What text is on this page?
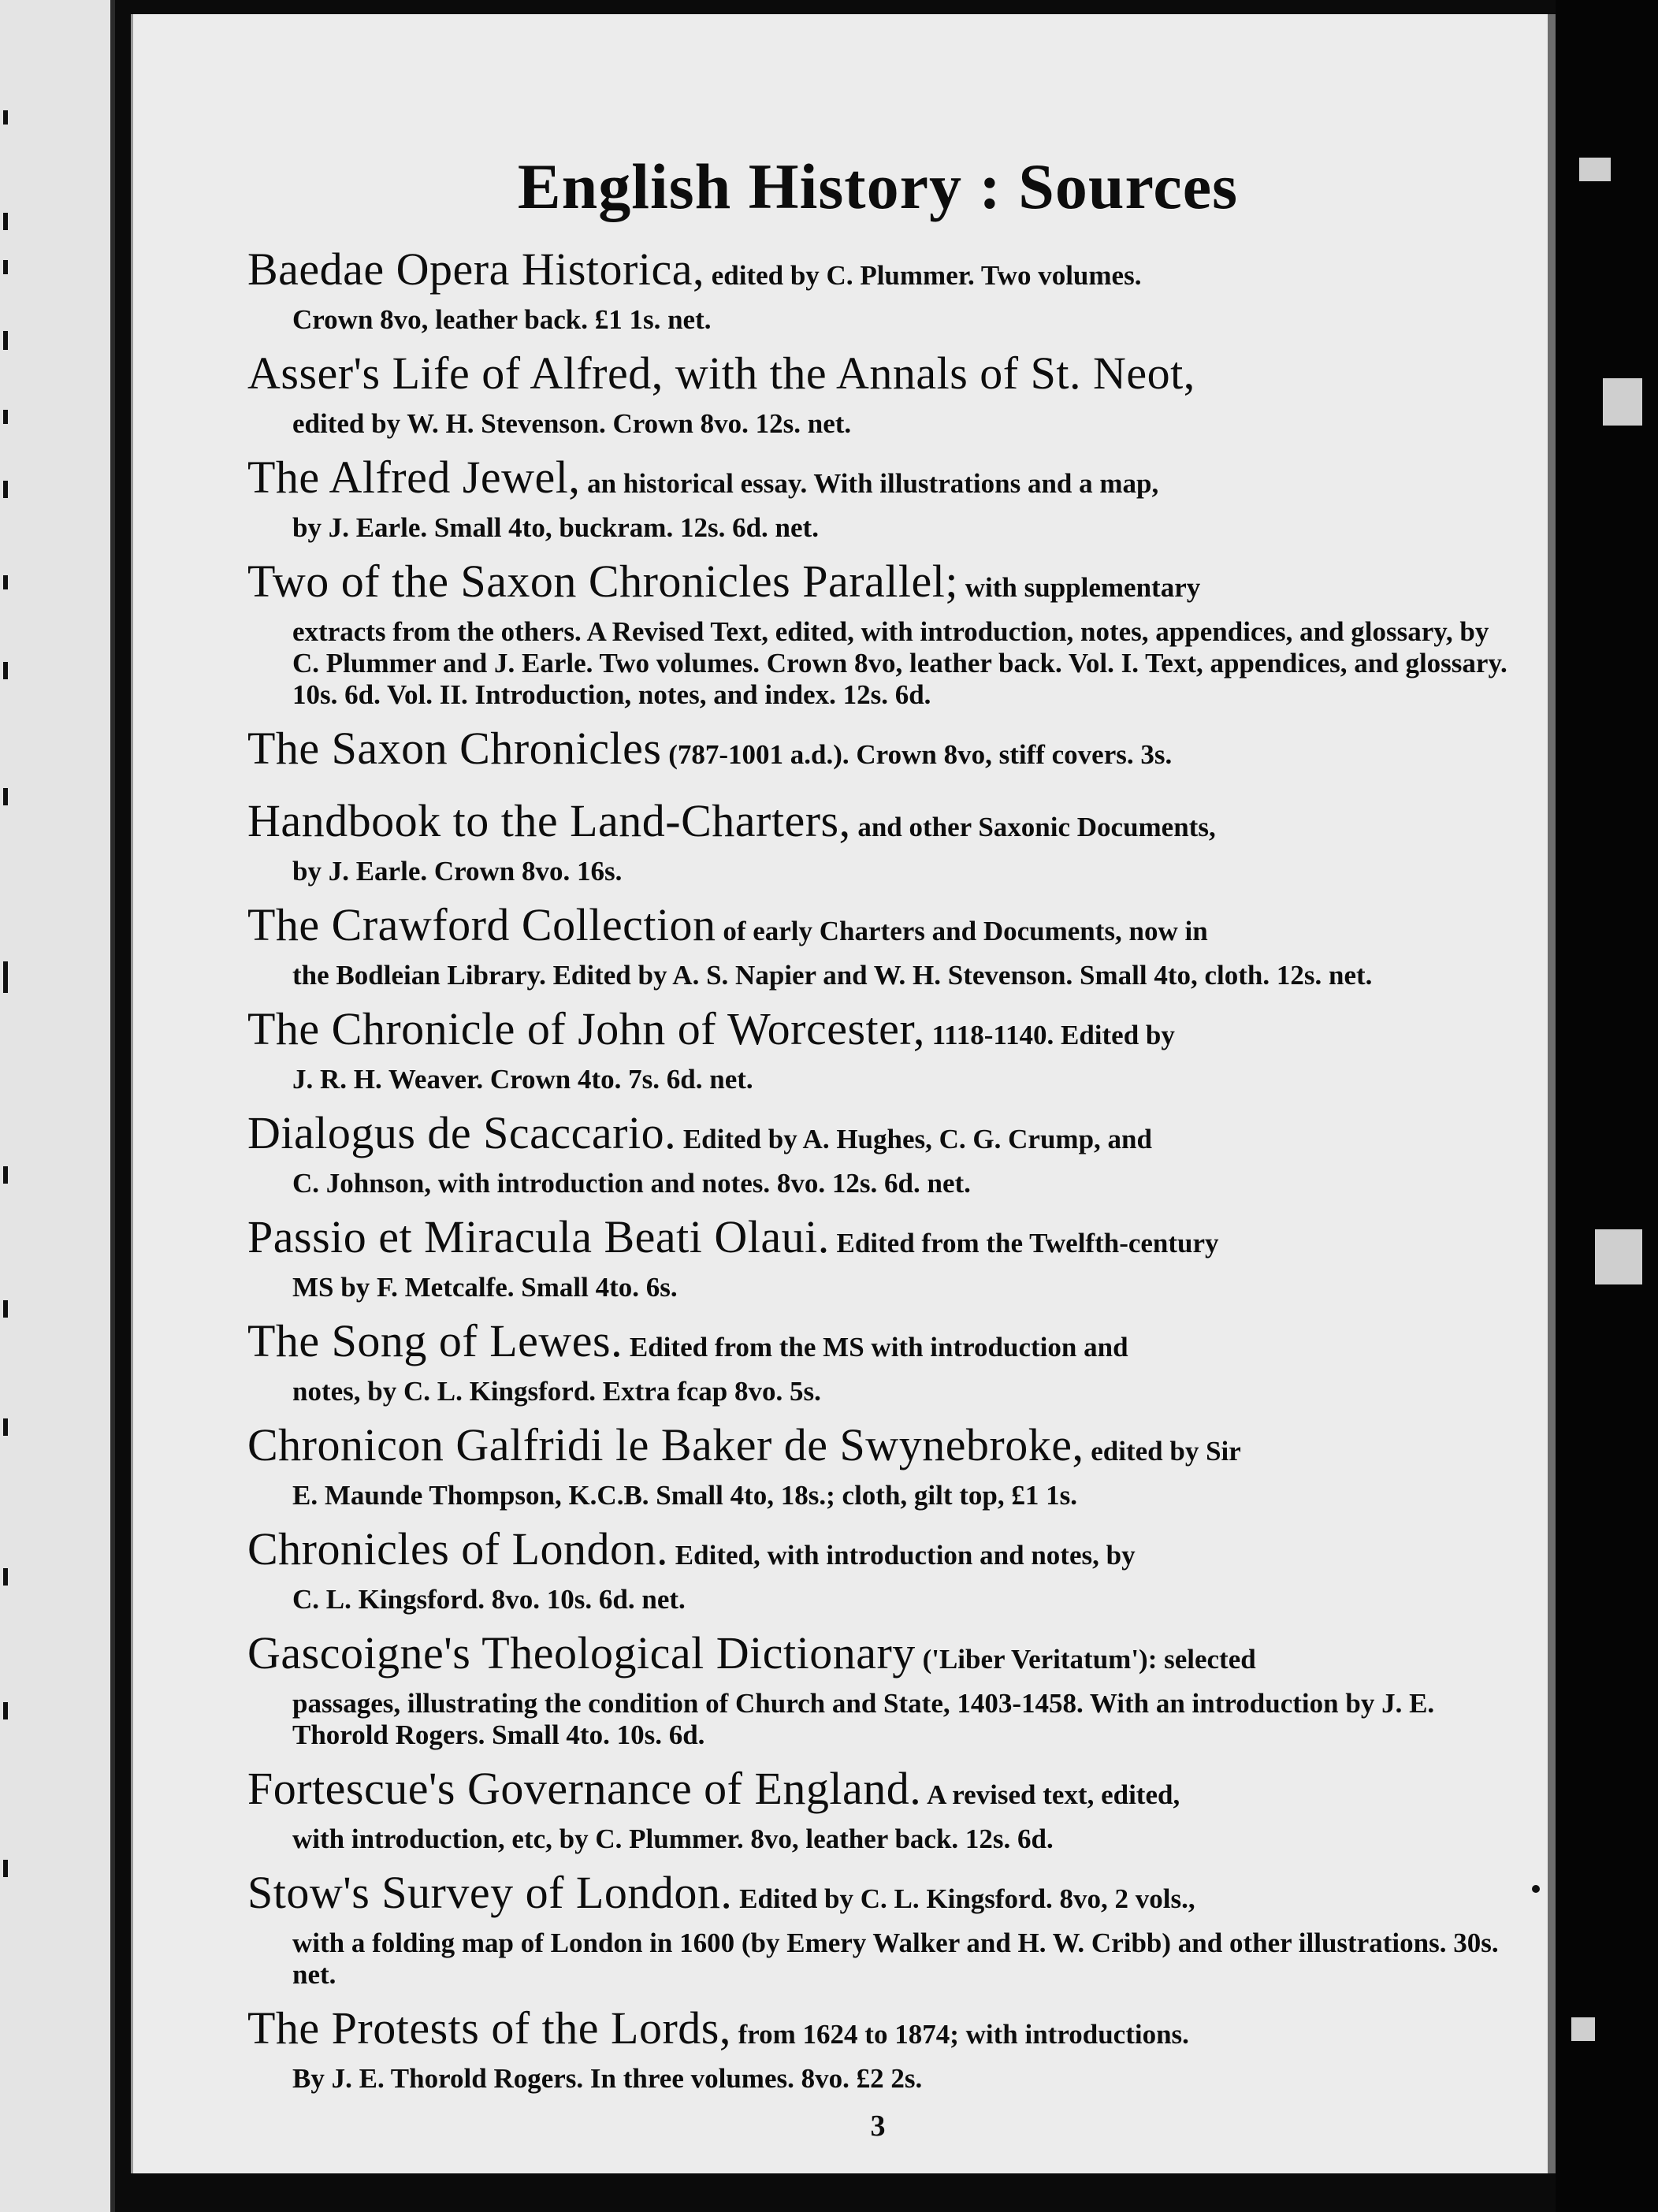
English History : Sources
Baedae Opera Historica, edited by C. Plummer. Two volumes.
Crown 8vo, leather back. £1 1s. net.
Asser's Life of Alfred, with the Annals of St. Neot,
edited by W. H. Stevenson. Crown 8vo. 12s. net.
The Alfred Jewel, an historical essay. With illustrations and a map,
by J. Earle. Small 4to, buckram. 12s. 6d. net.
Two of the Saxon Chronicles Parallel; with supplementary
extracts from the others. A Revised Text, edited, with introduction, notes, appendices, and glossary, by C. Plummer and J. Earle. Two volumes. Crown 8vo, leather back. Vol. I. Text, appendices, and glossary. 10s. 6d. Vol. II. Introduction, notes, and index. 12s. 6d.
The Saxon Chronicles (787-1001 a.d.). Crown 8vo, stiff covers. 3s.
Handbook to the Land-Charters, and other Saxonic Documents,
by J. Earle. Crown 8vo. 16s.
The Crawford Collection of early Charters and Documents, now in
the Bodleian Library. Edited by A. S. Napier and W. H. Stevenson. Small 4to, cloth. 12s. net.
The Chronicle of John of Worcester, 1118-1140. Edited by
J. R. H. Weaver. Crown 4to. 7s. 6d. net.
Dialogus de Scaccario. Edited by A. Hughes, C. G. Crump, and
C. Johnson, with introduction and notes. 8vo. 12s. 6d. net.
Passio et Miracula Beati Olaui. Edited from the Twelfth-century
MS by F. Metcalfe. Small 4to. 6s.
The Song of Lewes. Edited from the MS with introduction and
notes, by C. L. Kingsford. Extra fcap 8vo. 5s.
Chronicon Galfridi le Baker de Swynebroke, edited by Sir
E. Maunde Thompson, K.C.B. Small 4to, 18s.; cloth, gilt top, £1 1s.
Chronicles of London. Edited, with introduction and notes, by
C. L. Kingsford. 8vo. 10s. 6d. net.
Gascoigne's Theological Dictionary ('Liber Veritatum'): selected
passages, illustrating the condition of Church and State, 1403-1458. With an introduction by J. E. Thorold Rogers. Small 4to. 10s. 6d.
Fortescue's Governance of England. A revised text, edited,
with introduction, etc, by C. Plummer. 8vo, leather back. 12s. 6d.
Stow's Survey of London. Edited by C. L. Kingsford. 8vo, 2 vols.,
with a folding map of London in 1600 (by Emery Walker and H. W. Cribb) and other illustrations. 30s. net.
The Protests of the Lords, from 1624 to 1874; with introductions.
By J. E. Thorold Rogers. In three volumes. 8vo. £2 2s.
3
